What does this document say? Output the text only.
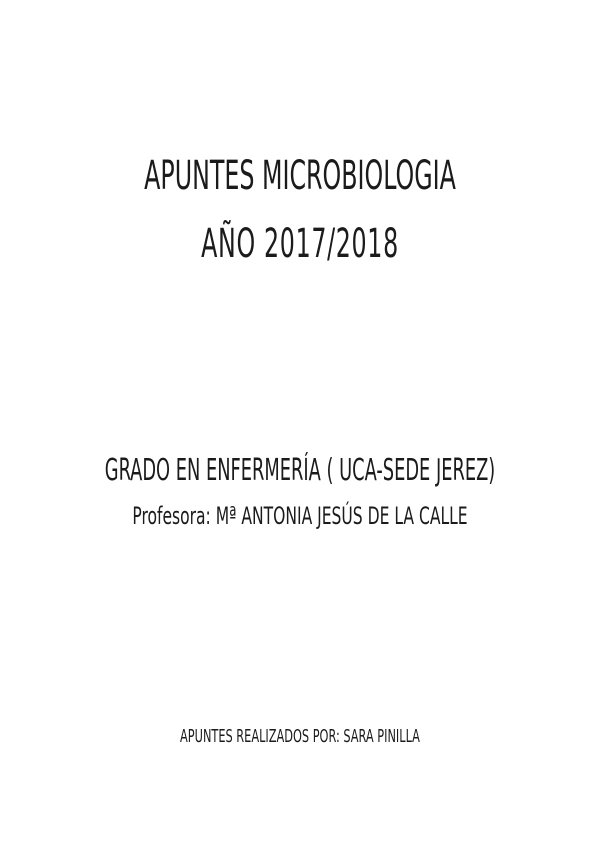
APUNTES MICROBIOLOGIA
AÑO 2017/2018
GRADO EN ENFERMERÍA ( UCA-SEDE JEREZ)
Profesora: Mª ANTONIA JESÚS DE LA CALLE
APUNTES REALIZADOS POR: SARA PINILLA
